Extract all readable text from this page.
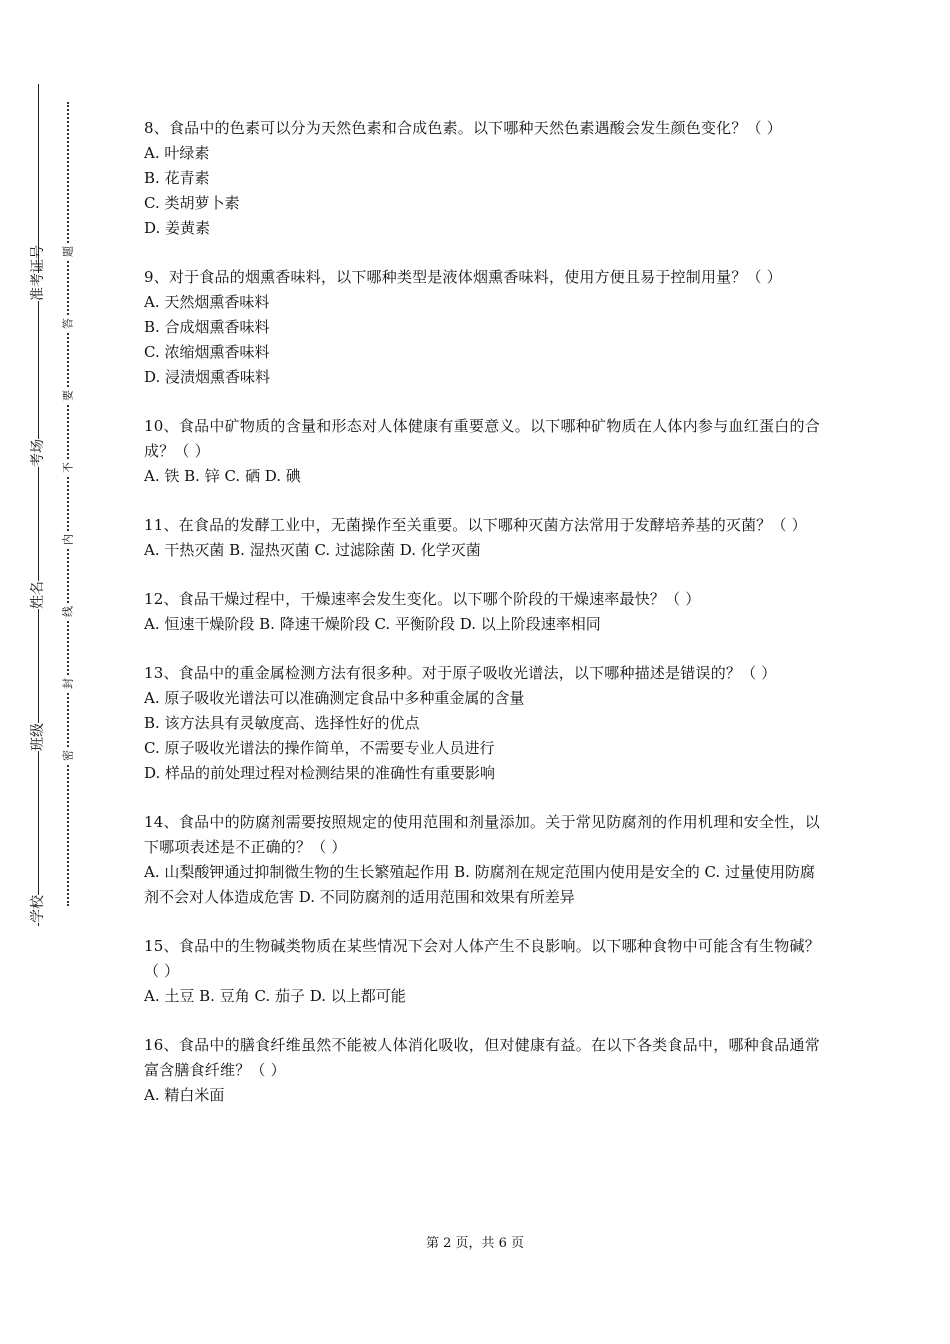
准考证号
考场
姓名
班级
学校
题
答
要
不
内
线
封
密

8、食品中的色素可以分为天然色素和合成色素。以下哪种天然色素遇酸会发生颜色变化？（ ）

A. 叶绿素

B. 花青素

C. 类胡萝卜素

D. 姜黄素

9、对于食品的烟熏香味料，以下哪种类型是液体烟熏香味料，使用方便且易于控制用量？（ ）

A. 天然烟熏香味料

B. 合成烟熏香味料

C. 浓缩烟熏香味料

D. 浸渍烟熏香味料

10、食品中矿物质的含量和形态对人体健康有重要意义。以下哪种矿物质在人体内参与血红蛋白的合成？（ ）

A. 铁 B. 锌 C. 硒 D. 碘

11、在食品的发酵工业中，无菌操作至关重要。以下哪种灭菌方法常用于发酵培养基的灭菌？（ ）

A. 干热灭菌 B. 湿热灭菌 C. 过滤除菌 D. 化学灭菌

12、食品干燥过程中，干燥速率会发生变化。以下哪个阶段的干燥速率最快？（ ）

A. 恒速干燥阶段 B. 降速干燥阶段 C. 平衡阶段 D. 以上阶段速率相同

13、食品中的重金属检测方法有很多种。对于原子吸收光谱法，以下哪种描述是错误的？（ ）

A. 原子吸收光谱法可以准确测定食品中多种重金属的含量

B. 该方法具有灵敏度高、选择性好的优点

C. 原子吸收光谱法的操作简单，不需要专业人员进行

D. 样品的前处理过程对检测结果的准确性有重要影响

14、食品中的防腐剂需要按照规定的使用范围和剂量添加。关于常见防腐剂的作用机理和安全性，以下哪项表述是不正确的？（ ）

A. 山梨酸钾通过抑制微生物的生长繁殖起作用 B. 防腐剂在规定范围内使用是安全的 C. 过量使用防腐剂不会对人体造成危害 D. 不同防腐剂的适用范围和效果有所差异

15、食品中的生物碱类物质在某些情况下会对人体产生不良影响。以下哪种食物中可能含有生物碱？（ ）

A. 土豆 B. 豆角 C. 茄子 D. 以上都可能

16、食品中的膳食纤维虽然不能被人体消化吸收，但对健康有益。在以下各类食品中，哪种食品通常富含膳食纤维？（ ）

A. 精白米面

第 2 页，共 6 页
